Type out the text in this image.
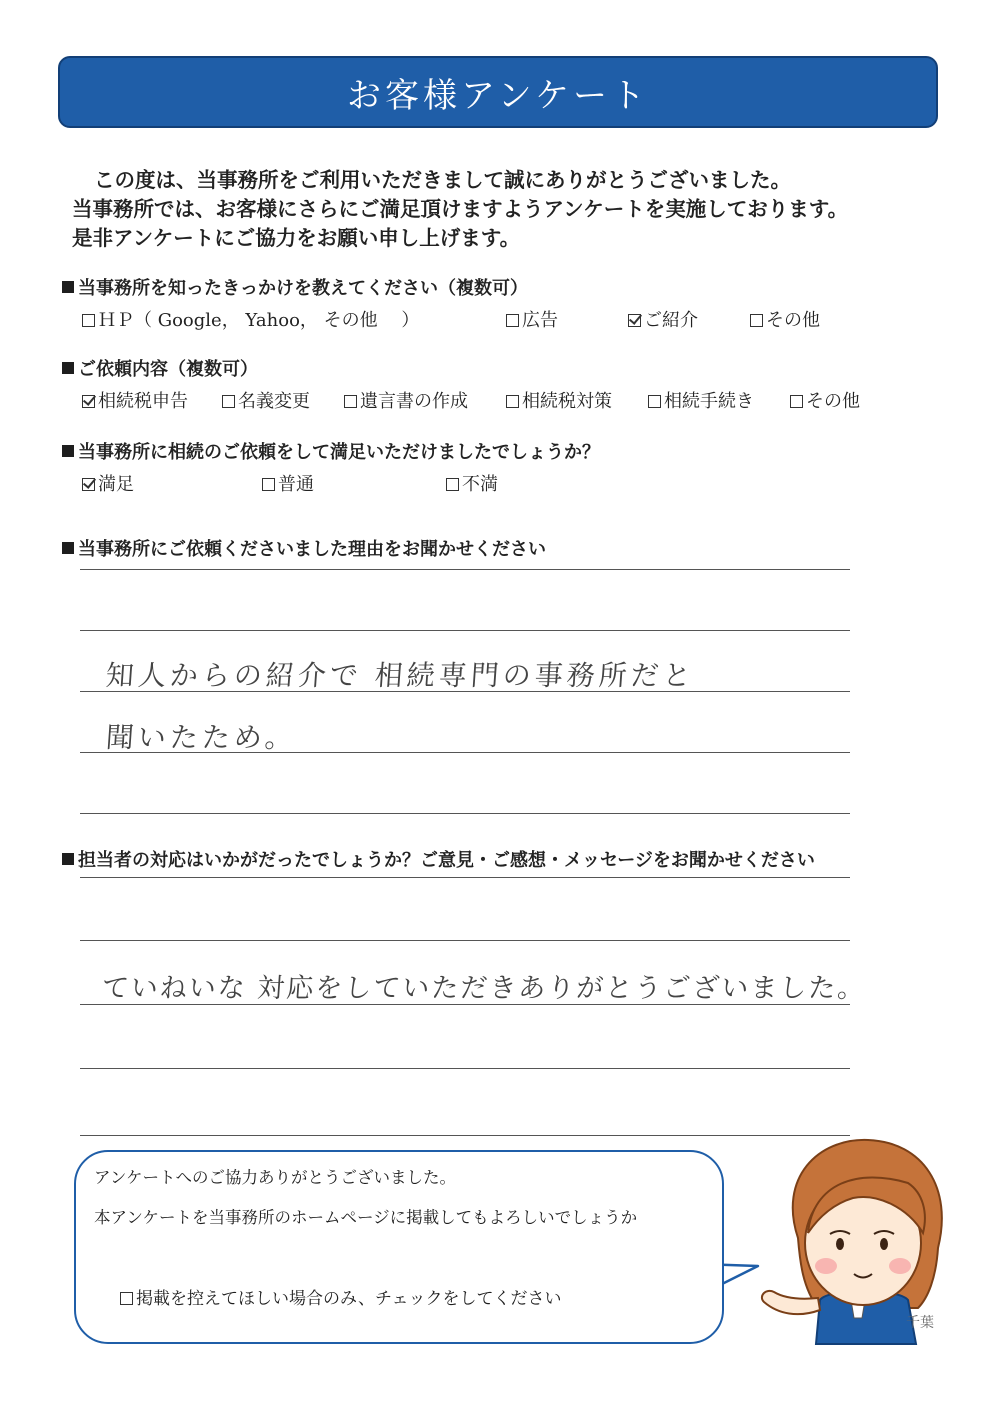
お客様アンケート

この度は、当事務所をご利用いただきまして誠にありがとうございました。

当事務所では、お客様にさらにご満足頂けますようアンケートを実施しております。

是非アンケートにご協力をお願い申し上げます。

当事務所を知ったきっかけを教えてください（複数可）
ＨＰ（ Google， Yahoo， その他　 ）	広告	ご紹介	その他
ご依頼内容（複数可）
相続税申告	名義変更	遺言書の作成	相続税対策	相続手続き	その他
当事務所に相続のご依頼をして満足いただけましたでしょうか？
満足	普通	不満
当事務所にご依頼くださいました理由をお聞かせください
知人からの紹介で 相続専門の事務所だと
聞いたため。
担当者の対応はいかがだったでしょうか？ご意見・ご感想・メッセージをお聞かせください
ていねいな 対応をしていただきありがとうございました。
アンケートへのご協力ありがとうございました。
本アンケートを当事務所のホームページに掲載してもよろしいでしょうか
掲載を控えてほしい場合のみ、チェックをしてください
千葉
